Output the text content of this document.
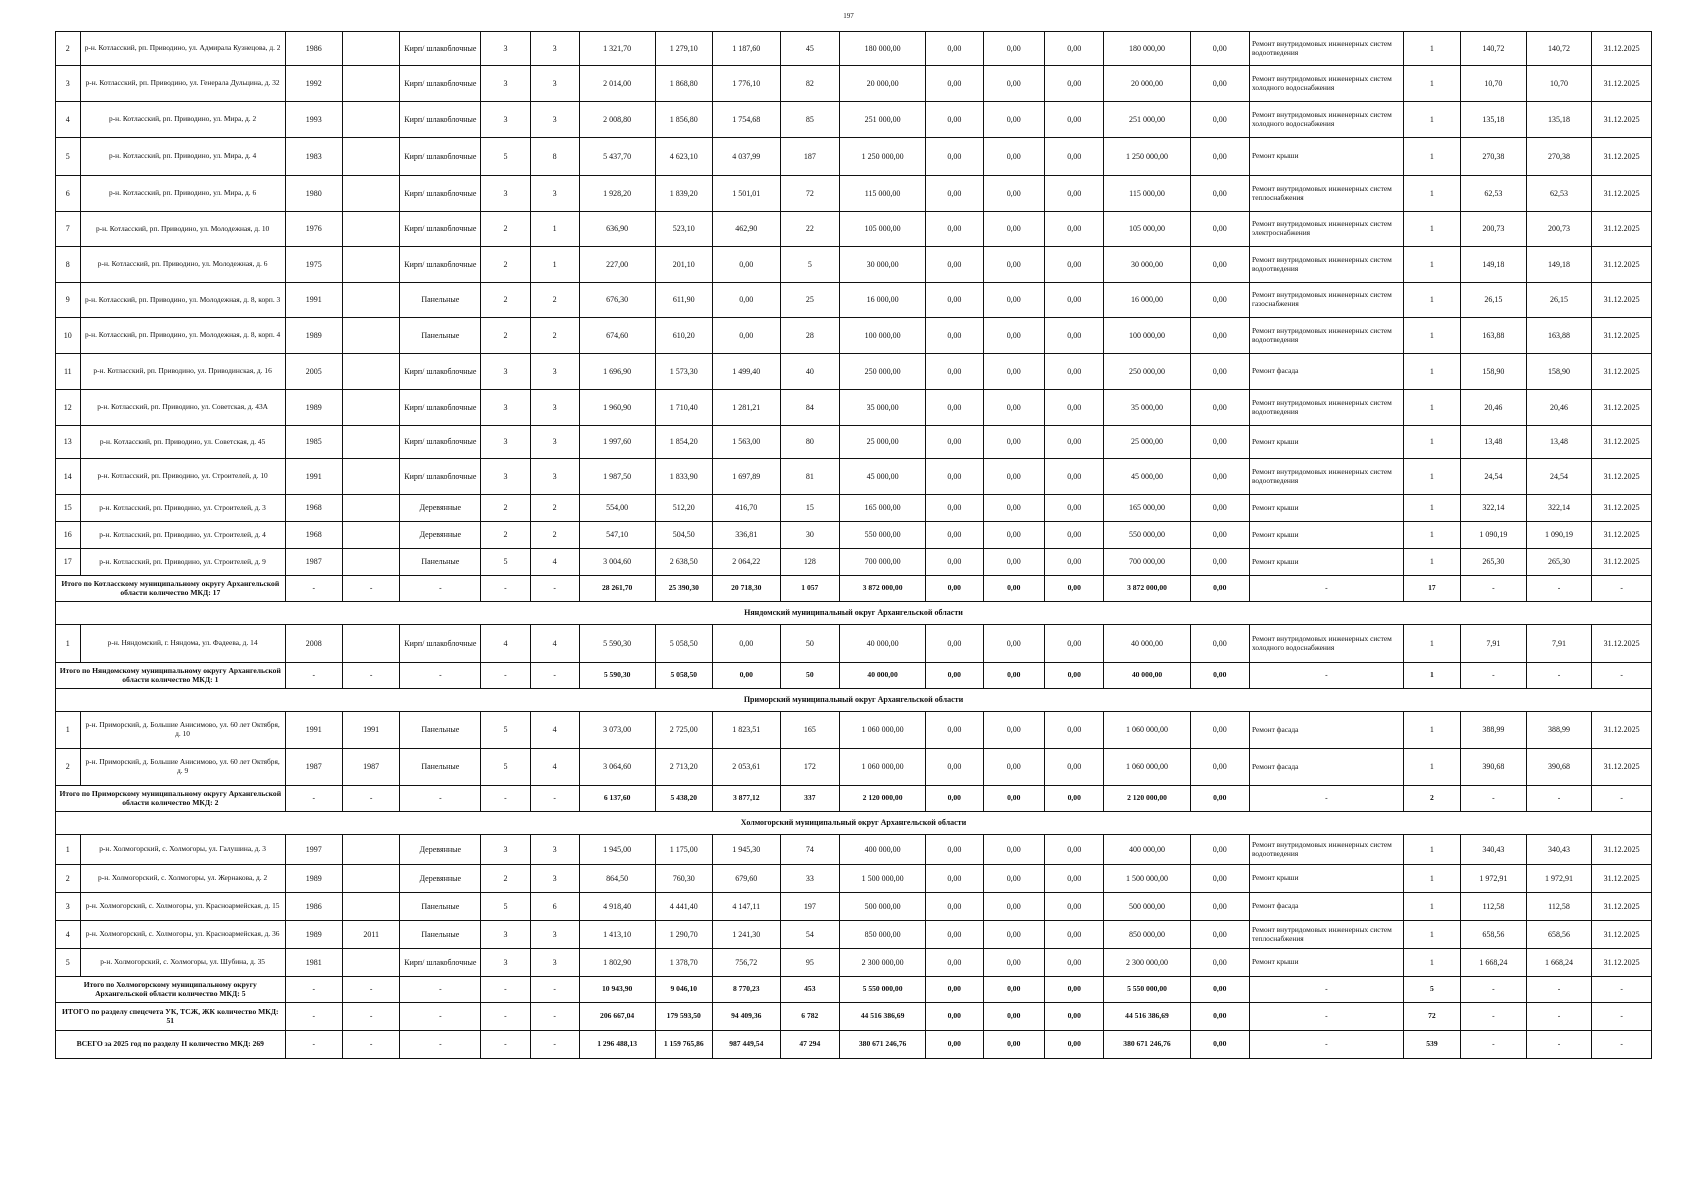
197
2	р-н. Котласский, рп. Приводино, ул. Адмирала Кузнецова, д. 2	1986		Кирп/ шлакоблочные	3	3	1 321,70	1 279,10	1 187,60	45	180 000,00	0,00	0,00	0,00	180 000,00	0,00	Ремонт внутридомовых инженерных систем водоотведения	1	140,72	140,72	31.12.2025
3	р-н. Котласский, рп. Приводино, ул. Генерала Дульцина, д. 32	1992		Кирп/ шлакоблочные	3	3	2 014,00	1 868,80	1 776,10	82	20 000,00	0,00	0,00	0,00	20 000,00	0,00	Ремонт внутридомовых инженерных систем холодного водоснабжения	1	10,70	10,70	31.12.2025
4	р-н. Котласский, рп. Приводино, ул. Мира, д. 2	1993		Кирп/ шлакоблочные	3	3	2 008,80	1 856,80	1 754,68	85	251 000,00	0,00	0,00	0,00	251 000,00	0,00	Ремонт внутридомовых инженерных систем холодного водоснабжения	1	135,18	135,18	31.12.2025
5	р-н. Котласский, рп. Приводино, ул. Мира, д. 4	1983		Кирп/ шлакоблочные	5	8	5 437,70	4 623,10	4 037,99	187	1 250 000,00	0,00	0,00	0,00	1 250 000,00	0,00	Ремонт крыши	1	270,38	270,38	31.12.2025
6	р-н. Котласский, рп. Приводино, ул. Мира, д. 6	1980		Кирп/ шлакоблочные	3	3	1 928,20	1 839,20	1 501,01	72	115 000,00	0,00	0,00	0,00	115 000,00	0,00	Ремонт внутридомовых инженерных систем теплоснабжения	1	62,53	62,53	31.12.2025
7	р-н. Котласский, рп. Приводино, ул. Молодежная, д. 10	1976		Кирп/ шлакоблочные	2	1	636,90	523,10	462,90	22	105 000,00	0,00	0,00	0,00	105 000,00	0,00	Ремонт внутридомовых инженерных систем электроснабжения	1	200,73	200,73	31.12.2025
8	р-н. Котласский, рп. Приводино, ул. Молодежная, д. 6	1975		Кирп/ шлакоблочные	2	1	227,00	201,10	0,00	5	30 000,00	0,00	0,00	0,00	30 000,00	0,00	Ремонт внутридомовых инженерных систем водоотведения	1	149,18	149,18	31.12.2025
9	р-н. Котласский, рп. Приводино, ул. Молодежная, д. 8, корп. 3	1991		Панельные	2	2	676,30	611,90	0,00	25	16 000,00	0,00	0,00	0,00	16 000,00	0,00	Ремонт внутридомовых инженерных систем газоснабжения	1	26,15	26,15	31.12.2025
10	р-н. Котласский, рп. Приводино, ул. Молодежная, д. 8, корп. 4	1989		Панельные	2	2	674,60	610,20	0,00	28	100 000,00	0,00	0,00	0,00	100 000,00	0,00	Ремонт внутридомовых инженерных систем водоотведения	1	163,88	163,88	31.12.2025
11	р-н. Котласский, рп. Приводино, ул. Приводинская, д. 16	2005		Кирп/ шлакоблочные	3	3	1 696,90	1 573,30	1 499,40	40	250 000,00	0,00	0,00	0,00	250 000,00	0,00	Ремонт фасада	1	158,90	158,90	31.12.2025
12	р-н. Котласский, рп. Приводино, ул. Советская, д. 43А	1989		Кирп/ шлакоблочные	3	3	1 960,90	1 710,40	1 281,21	84	35 000,00	0,00	0,00	0,00	35 000,00	0,00	Ремонт внутридомовых инженерных систем водоотведения	1	20,46	20,46	31.12.2025
13	р-н. Котласский, рп. Приводино, ул. Советская, д. 45	1985		Кирп/ шлакоблочные	3	3	1 997,60	1 854,20	1 563,00	80	25 000,00	0,00	0,00	0,00	25 000,00	0,00	Ремонт крыши	1	13,48	13,48	31.12.2025
14	р-н. Котласский, рп. Приводино, ул. Строителей, д. 10	1991		Кирп/ шлакоблочные	3	3	1 987,50	1 833,90	1 697,89	81	45 000,00	0,00	0,00	0,00	45 000,00	0,00	Ремонт внутридомовых инженерных систем водоотведения	1	24,54	24,54	31.12.2025
15	р-н. Котласский, рп. Приводино, ул. Строителей, д. 3	1968		Деревянные	2	2	554,00	512,20	416,70	15	165 000,00	0,00	0,00	0,00	165 000,00	0,00	Ремонт крыши	1	322,14	322,14	31.12.2025
16	р-н. Котласский, рп. Приводино, ул. Строителей, д. 4	1968		Деревянные	2	2	547,10	504,50	336,81	30	550 000,00	0,00	0,00	0,00	550 000,00	0,00	Ремонт крыши	1	1 090,19	1 090,19	31.12.2025
17	р-н. Котласский, рп. Приводино, ул. Строителей, д. 9	1987		Панельные	5	4	3 004,60	2 638,50	2 064,22	128	700 000,00	0,00	0,00	0,00	700 000,00	0,00	Ремонт крыши	1	265,30	265,30	31.12.2025
Итого по Котласскому муниципальному округу Архангельской области количество МКД: 17		-	-	-	-	-	28 261,70	25 390,30	20 718,30	1 057	3 872 000,00	0,00	0,00	0,00	3 872 000,00	0,00	-	17	-	-	-
Няндомский муниципальный округ Архангельской области																					
1	р-н. Няндомский, г. Няндома, ул. Фадеева, д. 14	2008		Кирп/ шлакоблочные	4	4	5 590,30	5 058,50	0,00	50	40 000,00	0,00	0,00	0,00	40 000,00	0,00	Ремонт внутридомовых инженерных систем холодного водоснабжения	1	7,91	7,91	31.12.2025
Итого по Няндомскому муниципальному округу Архангельской области количество МКД: 1		-	-	-	-	-	5 590,30	5 058,50	0,00	50	40 000,00	0,00	0,00	0,00	40 000,00	0,00	-	1	-	-	-
Приморский муниципальный округ Архангельской области																					
1	р-н. Приморский, д. Большие Анисимово, ул. 60 лет Октября, д. 10	1991	1991	Панельные	5	4	3 073,00	2 725,00	1 823,51	165	1 060 000,00	0,00	0,00	0,00	1 060 000,00	0,00	Ремонт фасада	1	388,99	388,99	31.12.2025
2	р-н. Приморский, д. Большие Анисимово, ул. 60 лет Октября, д. 9	1987	1987	Панельные	5	4	3 064,60	2 713,20	2 053,61	172	1 060 000,00	0,00	0,00	0,00	1 060 000,00	0,00	Ремонт фасада	1	390,68	390,68	31.12.2025
Итого по Приморскому муниципальному округу Архангельской области количество МКД: 2		-	-	-	-	-	6 137,60	5 438,20	3 877,12	337	2 120 000,00	0,00	0,00	0,00	2 120 000,00	0,00	-	2	-	-	-
Холмогорский муниципальный округ Архангельской области																					
1	р-н. Холмогорский, с. Холмогоры, ул. Галушина, д. 3	1997		Деревянные	3	3	1 945,00	1 175,00	1 945,30	74	400 000,00	0,00	0,00	0,00	400 000,00	0,00	Ремонт внутридомовых инженерных систем водоотведения	1	340,43	340,43	31.12.2025
2	р-н. Холмогорский, с. Холмогоры, ул. Жернакова, д. 2	1989		Деревянные	2	3	864,50	760,30	679,60	33	1 500 000,00	0,00	0,00	0,00	1 500 000,00	0,00	Ремонт крыши	1	1 972,91	1 972,91	31.12.2025
3	р-н. Холмогорский, с. Холмогоры, ул. Красноармейская, д. 15	1986		Панельные	5	6	4 918,40	4 441,40	4 147,11	197	500 000,00	0,00	0,00	0,00	500 000,00	0,00	Ремонт фасада	1	112,58	112,58	31.12.2025
4	р-н. Холмогорский, с. Холмогоры, ул. Красноармейская, д. 36	1989	2011	Панельные	3	3	1 413,10	1 290,70	1 241,30	54	850 000,00	0,00	0,00	0,00	850 000,00	0,00	Ремонт внутридомовых инженерных систем теплоснабжения	1	658,56	658,56	31.12.2025
5	р-н. Холмогорский, с. Холмогоры, ул. Шубина, д. 35	1981		Кирп/ шлакоблочные	3	3	1 802,90	1 378,70	756,72	95	2 300 000,00	0,00	0,00	0,00	2 300 000,00	0,00	Ремонт крыши	1	1 668,24	1 668,24	31.12.2025
Итого по Холмогорскому муниципальному округу Архангельской области количество МКД: 5		-	-	-	-	-	10 943,90	9 046,10	8 770,23	453	5 550 000,00	0,00	0,00	0,00	5 550 000,00	0,00	-	5	-	-	-
ИТОГО по разделу спецсчета УК, ТСЖ, ЖК количество МКД: 51		-	-	-	-	-	206 667,04	179 593,50	94 409,36	6 782	44 516 386,69	0,00	0,00	0,00	44 516 386,69	0,00	-	72	-	-	-
ВСЕГО за 2025 год по разделу II количество МКД: 269		-	-	-	-	-	1 296 488,13	1 159 765,86	987 449,54	47 294	380 671 246,76	0,00	0,00	0,00	380 671 246,76	0,00	-	539	-	-	-
